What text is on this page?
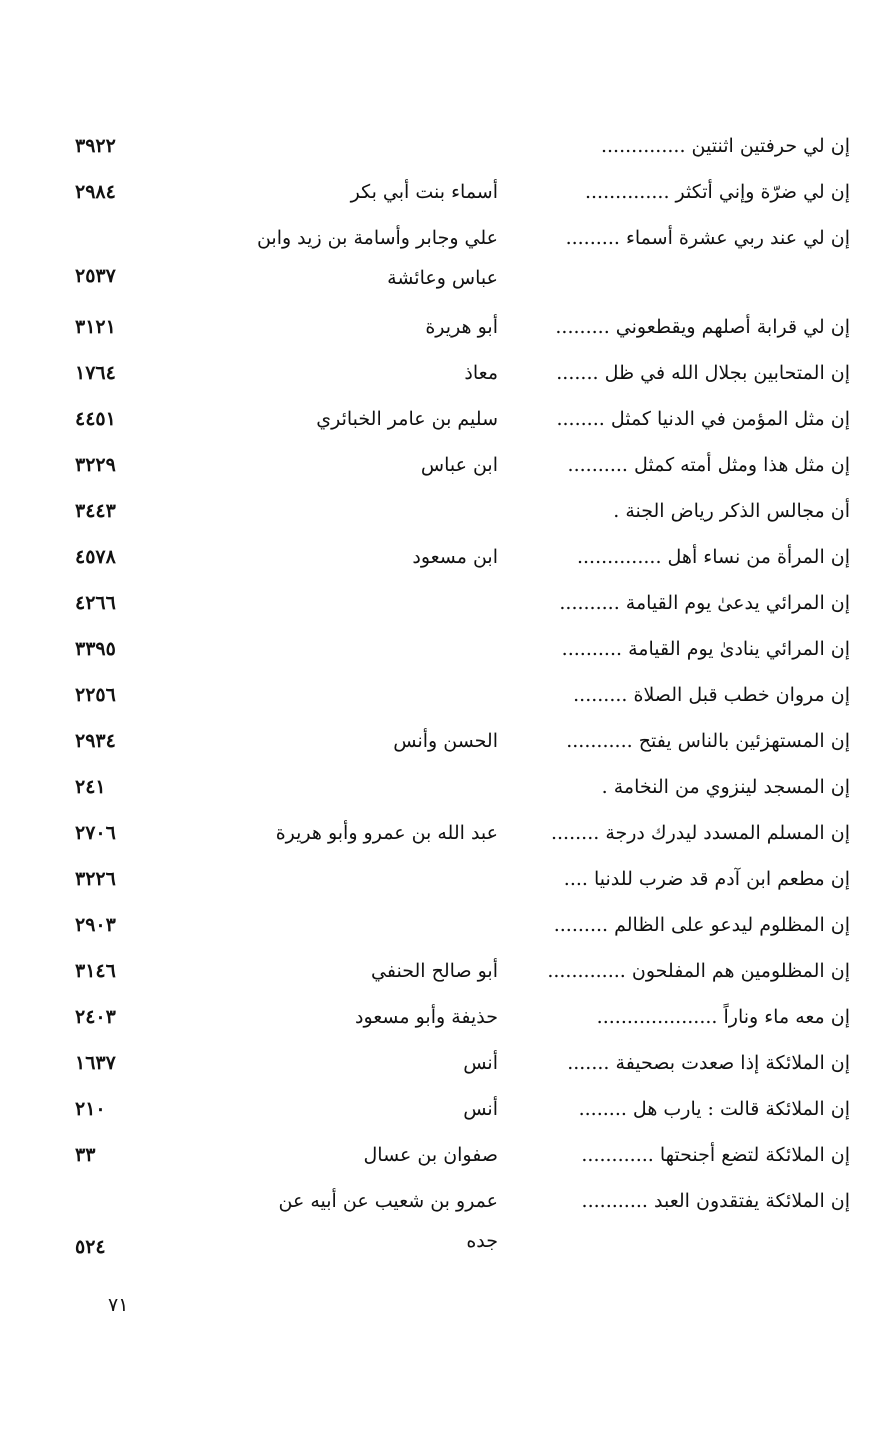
إن لي حرفتين اثنتين ..............
٣٩٢٢
إن لي ضرّة وإني أتكثر ..............
أسماء بنت أبي بكر
٢٩٨٤
إن لي عند ربي عشرة أسماء .........
علي وجابر وأسامة بن زيد وابن عباس وعائشة
٢٥٣٧
إن لي قرابة أصلهم ويقطعوني .........
أبو هريرة
٣١٢١
إن المتحابين بجلال الله في ظل .......
معاذ
١٧٦٤
إن مثل المؤمن في الدنيا كمثل ........
سليم بن عامر الخبائري
٤٤٥١
إن مثل هذا ومثل أمته كمثل ..........
ابن عباس
٣٢٢٩
أن مجالس الذكر رياض الجنة .
٣٤٤٣
إن المرأة من نساء أهل ..............
ابن مسعود
٤٥٧٨
إن المرائي يدعىٰ يوم القيامة ..........
٤٢٦٦
إن المرائي ينادىٰ يوم القيامة ..........
٣٣٩٥
إن مروان خطب قبل الصلاة .........
٢٢٥٦
إن المستهزئين بالناس يفتح ...........
الحسن وأنس
٢٩٣٤
إن المسجد لينزوي من النخامة .
٢٤١
إن المسلم المسدد ليدرك درجة ........
عبد الله بن عمرو وأبو هريرة
٢٧٠٦
إن مطعم ابن آدم قد ضرب للدنيا ....
٣٢٢٦
إن المظلوم ليدعو على الظالم .........
٢٩٠٣
إن المظلومين هم المفلحون .............
أبو صالح الحنفي
٣١٤٦
إن معه ماء وناراً ....................
حذيفة وأبو مسعود
٢٤٠٣
إن الملائكة إذا صعدت بصحيفة .......
أنس
١٦٣٧
إن الملائكة قالت : يارب هل ........
أنس
٢١٠
إن الملائكة لتضع أجنحتها ............
صفوان بن عسال
٣٣
إن الملائكة يفتقدون العبد ...........
عمرو بن شعيب عن أبيه عن جده
٥٢٤
٧١
